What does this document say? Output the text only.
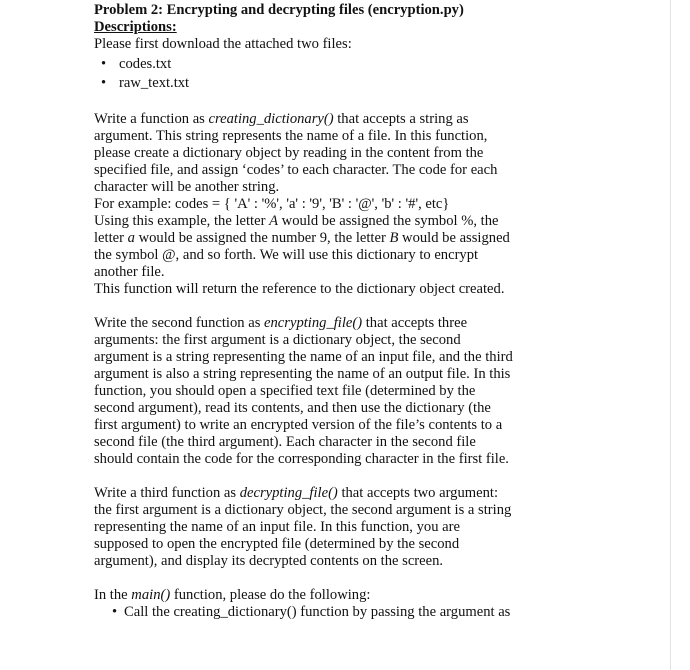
Problem 2: Encrypting and decrypting files (encryption.py)

Descriptions:

Please first download the attached two files:

• codes.txt
• raw_text.txt

Write a function as creating_dictionary() that accepts a string as

argument. This string represents the name of a file. In this function,

please create a dictionary object by reading in the content from the

specified file, and assign ‘codes’ to each character. The code for each

character will be another string.

For example: codes = { 'A' : '%', 'a' : '9', 'B' : '@', 'b' : '#', etc}

Using this example, the letter A would be assigned the symbol %, the

letter a would be assigned the number 9, the letter B would be assigned

the symbol @, and so forth. We will use this dictionary to encrypt

another file.

This function will return the reference to the dictionary object created.

Write the second function as encrypting_file() that accepts three

arguments: the first argument is a dictionary object, the second

argument is a string representing the name of an input file, and the third

argument is also a string representing the name of an output file. In this

function, you should open a specified text file (determined by the

second argument), read its contents, and then use the dictionary (the

first argument) to write an encrypted version of the file’s contents to a

second file (the third argument). Each character in the second file

should contain the code for the corresponding character in the first file.

Write a third function as decrypting_file() that accepts two argument:

the first argument is a dictionary object, the second argument is a string

representing the name of an input file. In this function, you are

supposed to open the encrypted file (determined by the second

argument), and display its decrypted contents on the screen.

In the main() function, please do the following:

• Call the creating_dictionary() function by passing the argument as
